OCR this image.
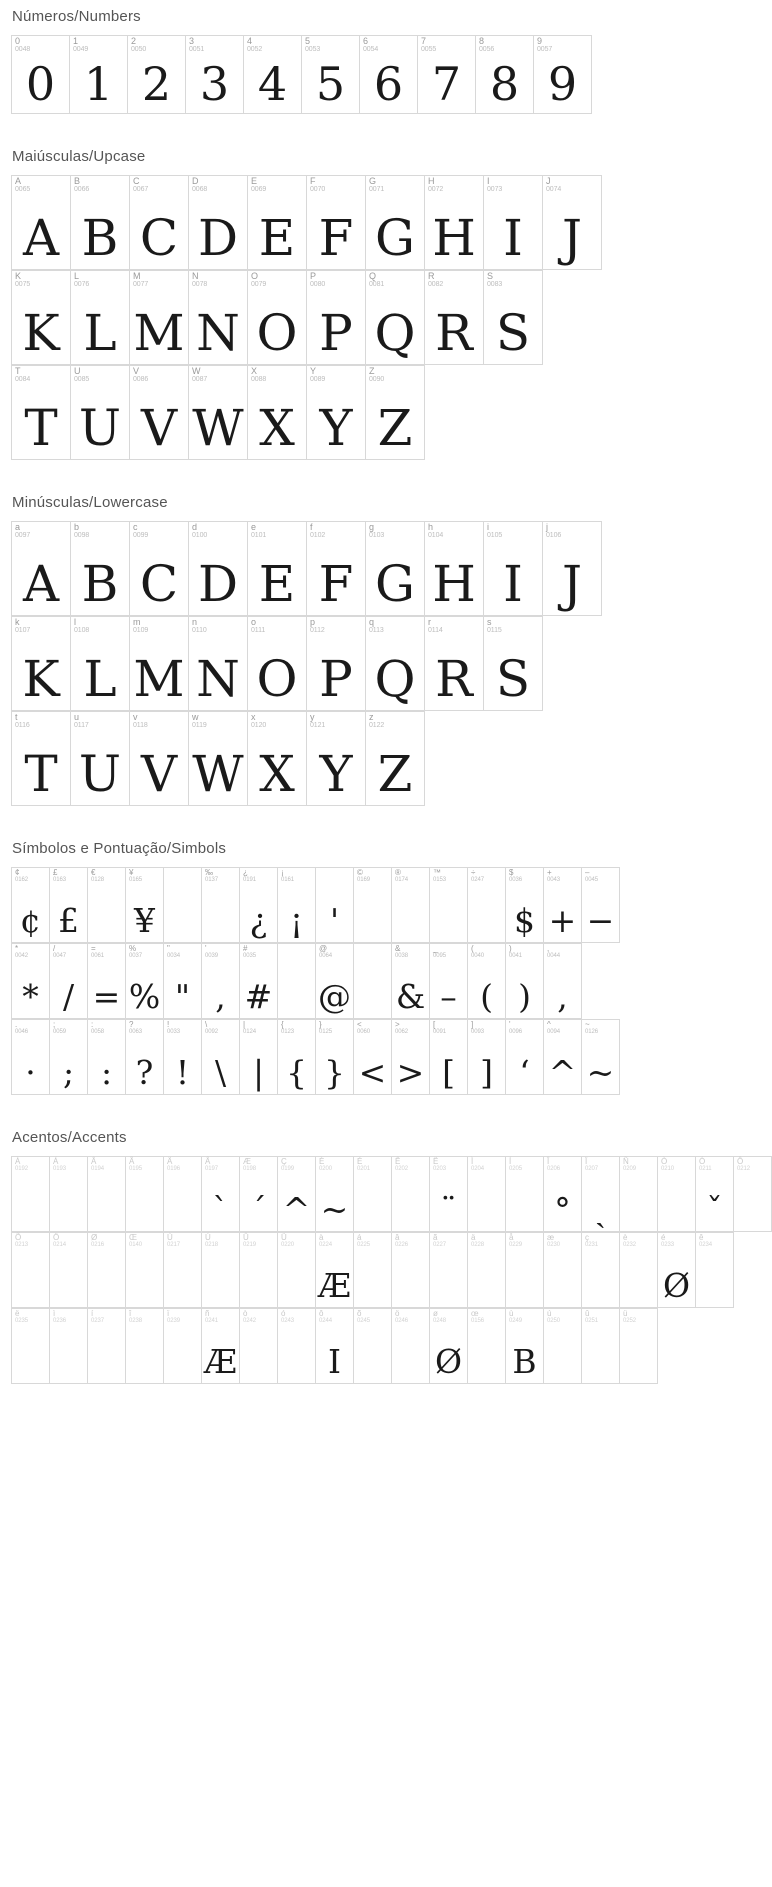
Números/Numbers
0
0048
0
1
0049
1
2
0050
2
3
0051
3
4
0052
4
5
0053
5
6
0054
6
7
0055
7
8
0056
8
9
0057
9
Maiúsculas/Upcase
A
0065
A
B
0066
B
C
0067
C
D
0068
D
E
0069
E
F
0070
F
G
0071
G
H
0072
H
I
0073
I
J
0074
J
K
0075
K
L
0076
L
M
0077
M
N
0078
N
O
0079
O
P
0080
P
Q
0081
Q
R
0082
R
S
0083
S
T
0084
T
U
0085
U
V
0086
V
W
0087
W
X
0088
X
Y
0089
Y
Z
0090
Z
Minúsculas/Lowercase
a
0097
A
b
0098
B
c
0099
C
d
0100
D
e
0101
E
f
0102
F
g
0103
G
h
0104
H
i
0105
I
j
0106
J
k
0107
K
l
0108
L
m
0109
M
n
0110
N
o
0111
O
p
0112
P
q
0113
Q
r
0114
R
s
0115
S
t
0116
T
u
0117
U
v
0118
V
w
0119
W
x
0120
X
y
0121
Y
z
0122
Z
Símbolos e Pontuação/Simbols
¢
0162
¢
£
0163
£
€
0128
¥
0165
¥
‰
0137
¿
0191
¿
¡
0161
¡ '
©
0169
®
0174
™
0153
÷
0247
$
0036
$
+
0043
+
–
0045
−
*
0042
*
/
0047
/
=
0061
=
%
0037
%
"
0034
"
'
0039
,
#
0035
#
@
0064
@
&
0038
&
_
0095
–
(
0040
(
)
0041
)
,
0044
,
.
0046
·
;
0059
;
:
0058
:
?
0063
?
!
0033
!
\
0092
\
|
0124
|
{
0123
{
}
0125
}
<
0060
<
>
0062
>
[
0091
[
]
0093
]
'
0096
‘
^
0094
^
~
0126
~
Acentos/Accents
À
0192
Á
0193
Â
0194
Ã
0195
Ä
0196
Å
0197
`
Æ
0198
´
Ç
0199
^
È
0200
~
É
0201
Ê
0202
Ë
0203
¨
Ì
0204
Í
0205
Î
0206
°
Ï
0207
ˏ
Ñ
0209
Ò
0210
Ó
0211
ˇ
Ô
0212
Õ
0213
Ö
0214
Ø
0216
Œ
0140
Ù
0217
Ú
0218
Û
0219
Ü
0220
à
0224
Æ
á
0225
â
0226
ã
0227
ä
0228
å
0229
æ
0230
ç
0231
è
0232
é
0233
Ø
ê
0234
ë
0235
ì
0236
í
0237
î
0238
ï
0239
ñ
0241
Æ
ò
0242
ó
0243
ô
0244
I
õ
0245
ö
0246
ø
0248
Ø
œ
0156
ù
0249
B
ú
0250
û
0251
ü
0252
